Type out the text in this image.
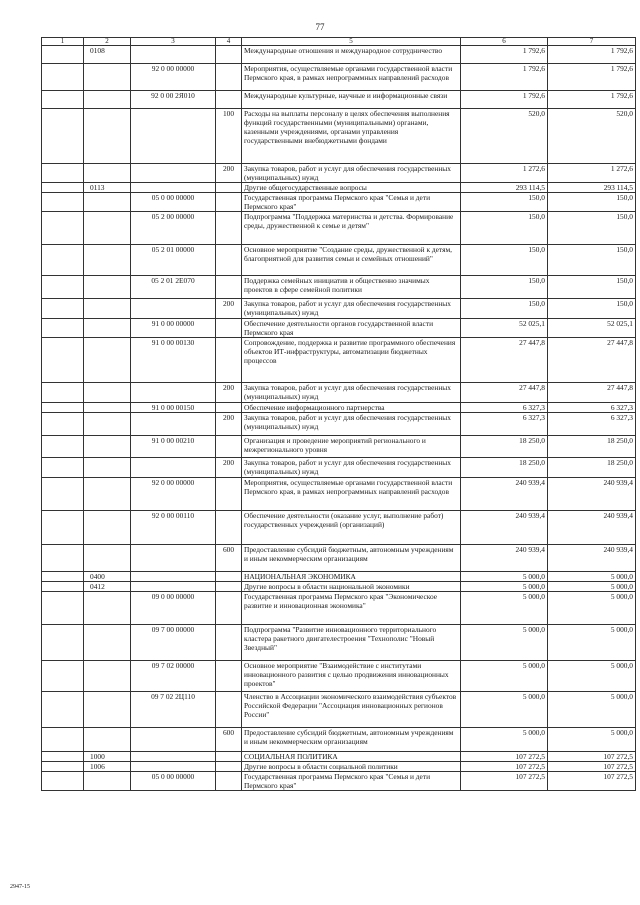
77
1	2	3	4	5	6	7
	0108			Международные отношения и международное сотрудничество	1 792,6	1 792,6
		92 0 00 00000		Мероприятия, осуществляемые органами государственной власти Пермского края, в рамках непрограммных направлений расходов	1 792,6	1 792,6
		92 0 00 2Я010		Международные культурные, научные и информационные связи	1 792,6	1 792,6
			100	Расходы на выплаты персоналу в целях обеспечения выполнения функций государственными (муниципальными) органами, казенными учреждениями, органами управления государственными внебюджетными фондами	520,0	520,0
			200	Закупка товаров, работ и услуг для обеспечения государственных (муниципальных) нужд	1 272,6	1 272,6
	0113			Другие общегосударственные вопросы	293 114,5	293 114,5
		05 0 00 00000		Государственная программа Пермского края "Семья и дети Пермского края"	150,0	150,0
		05 2 00 00000		Подпрограмма "Поддержка материнства и детства. Формирование среды, дружественной к семье и детям"	150,0	150,0
		05 2 01 00000		Основное мероприятие "Создание среды, дружественной к детям, благоприятной для развития семьи и семейных отношений"	150,0	150,0
		05 2 01 2Е070		Поддержка семейных инициатив и общественно значимых проектов в сфере семейной политики	150,0	150,0
			200	Закупка товаров, работ и услуг для обеспечения государственных (муниципальных) нужд	150,0	150,0
		91 0 00 00000		Обеспечение деятельности органов государственной власти Пермского края	52 025,1	52 025,1
		91 0 00 00130		Сопровождение, поддержка и развитие программного обеспечения объектов ИТ-инфраструктуры, автоматизации бюджетных процессов	27 447,8	27 447,8
			200	Закупка товаров, работ и услуг для обеспечения государственных (муниципальных) нужд	27 447,8	27 447,8
		91 0 00 00150		Обеспечение информационного партнерства	6 327,3	6 327,3
			200	Закупка товаров, работ и услуг для обеспечения государственных (муниципальных) нужд	6 327,3	6 327,3
		91 0 00 00210		Организация и проведение мероприятий регионального и межрегионального уровня	18 250,0	18 250,0
			200	Закупка товаров, работ и услуг для обеспечения государственных (муниципальных) нужд	18 250,0	18 250,0
		92 0 00 00000		Мероприятия, осуществляемые органами государственной власти Пермского края, в рамках непрограммных направлений расходов	240 939,4	240 939,4
		92 0 00 00110		Обеспечение деятельности (оказание услуг, выполнение работ) государственных учреждений (организаций)	240 939,4	240 939,4
			600	Предоставление субсидий бюджетным, автономным учреждениям и иным некоммерческим организациям	240 939,4	240 939,4
	0400			НАЦИОНАЛЬНАЯ ЭКОНОМИКА	5 000,0	5 000,0
	0412			Другие вопросы в области национальной экономики	5 000,0	5 000,0
		09 0 00 00000		Государственная программа Пермского края "Экономическое развитие и инновационная экономика"	5 000,0	5 000,0
		09 7 00 00000		Подпрограмма "Развитие инновационного территориального кластера ракетного двигателестроения "Технополис "Новый Звездный"	5 000,0	5 000,0
		09 7 02 00000		Основное мероприятие "Взаимодействие с институтами инновационного развития с целью продвижения инновационных проектов"	5 000,0	5 000,0
		09 7 02 2Ц110		Членство в Ассоциации экономического взаимодействия субъектов Российской Федерации "Ассоциация инновационных регионов России"	5 000,0	5 000,0
			600	Предоставление субсидий бюджетным, автономным учреждениям и иным некоммерческим организациям	5 000,0	5 000,0
	1000			СОЦИАЛЬНАЯ ПОЛИТИКА	107 272,5	107 272,5
	1006			Другие вопросы в области социальной политики	107 272,5	107 272,5
		05 0 00 00000		Государственная программа Пермского края "Семья и дети Пермского края"	107 272,5	107 272,5
2947-15
